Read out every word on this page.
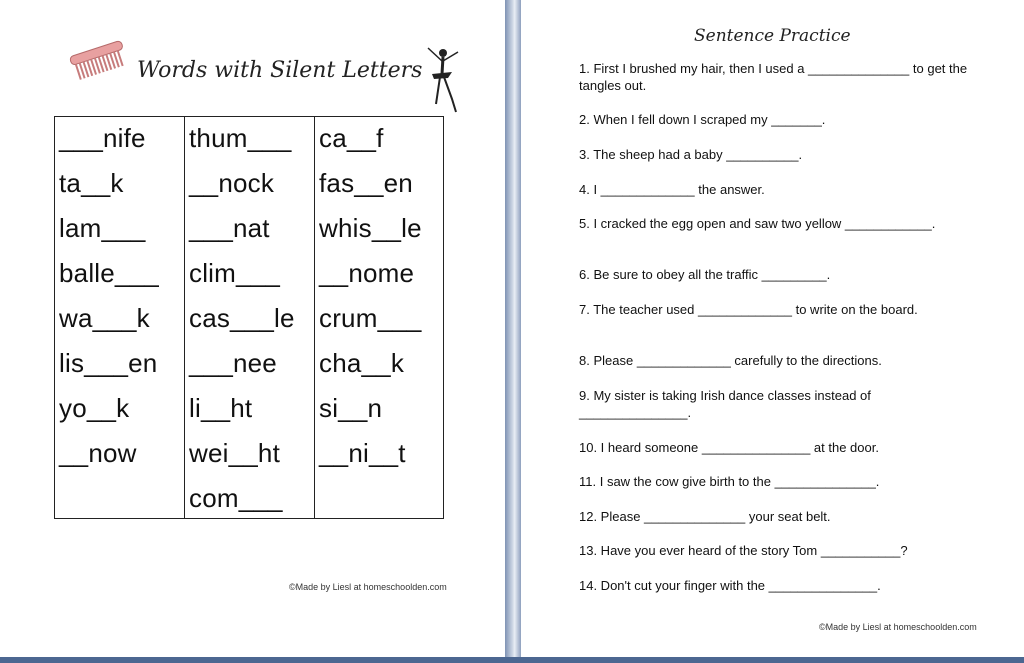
Words with Silent Letters
___nife
ta__k
lam___
balle___
wa___k
lis___en
yo__k
__now
thum___
__nock
___nat
clim___
cas___le
___nee
li__ht
wei__ht
com___
ca__f
fas__en
whis__le
__nome
crum___
cha__k
si__n
__ni__t
©Made by Liesl at homeschoolden.com
Sentence Practice
1. First I brushed my hair, then I used a ______________ to get the tangles out.
2. When I fell down I scraped my _______.
3. The sheep had a baby __________.
4. I _____________ the answer.
5. I cracked the egg open and saw two yellow ____________.
6. Be sure to obey all the traffic _________.
7. The teacher used _____________ to write on the board.
8. Please _____________ carefully to the directions.
9. My sister is taking Irish dance classes instead of _______________.
10. I heard someone _______________ at the door.
11. I saw the cow give birth to the ______________.
12. Please ______________ your seat belt.
13. Have you ever heard of the story Tom ___________?
14. Don't cut your finger with the _______________.
©Made by Liesl at homeschoolden.com
